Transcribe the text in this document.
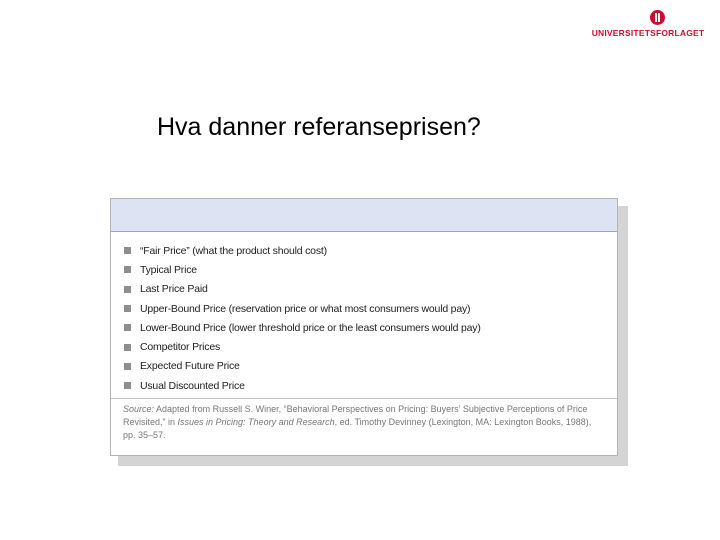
UNIVERSITETSFORLAGET
Hva danner referanseprisen?
“Fair Price” (what the product should cost)
Typical Price
Last Price Paid
Upper-Bound Price (reservation price or what most consumers would pay)
Lower-Bound Price (lower threshold price or the least consumers would pay)
Competitor Prices
Expected Future Price
Usual Discounted Price
Source: Adapted from Russell S. Winer, “Behavioral Perspectives on Pricing: Buyers’ Subjective Perceptions of Price Revisited,” in Issues in Pricing: Theory and Research, ed. Timothy Devinney (Lexington, MA: Lexington Books, 1988), pp. 35–57.
